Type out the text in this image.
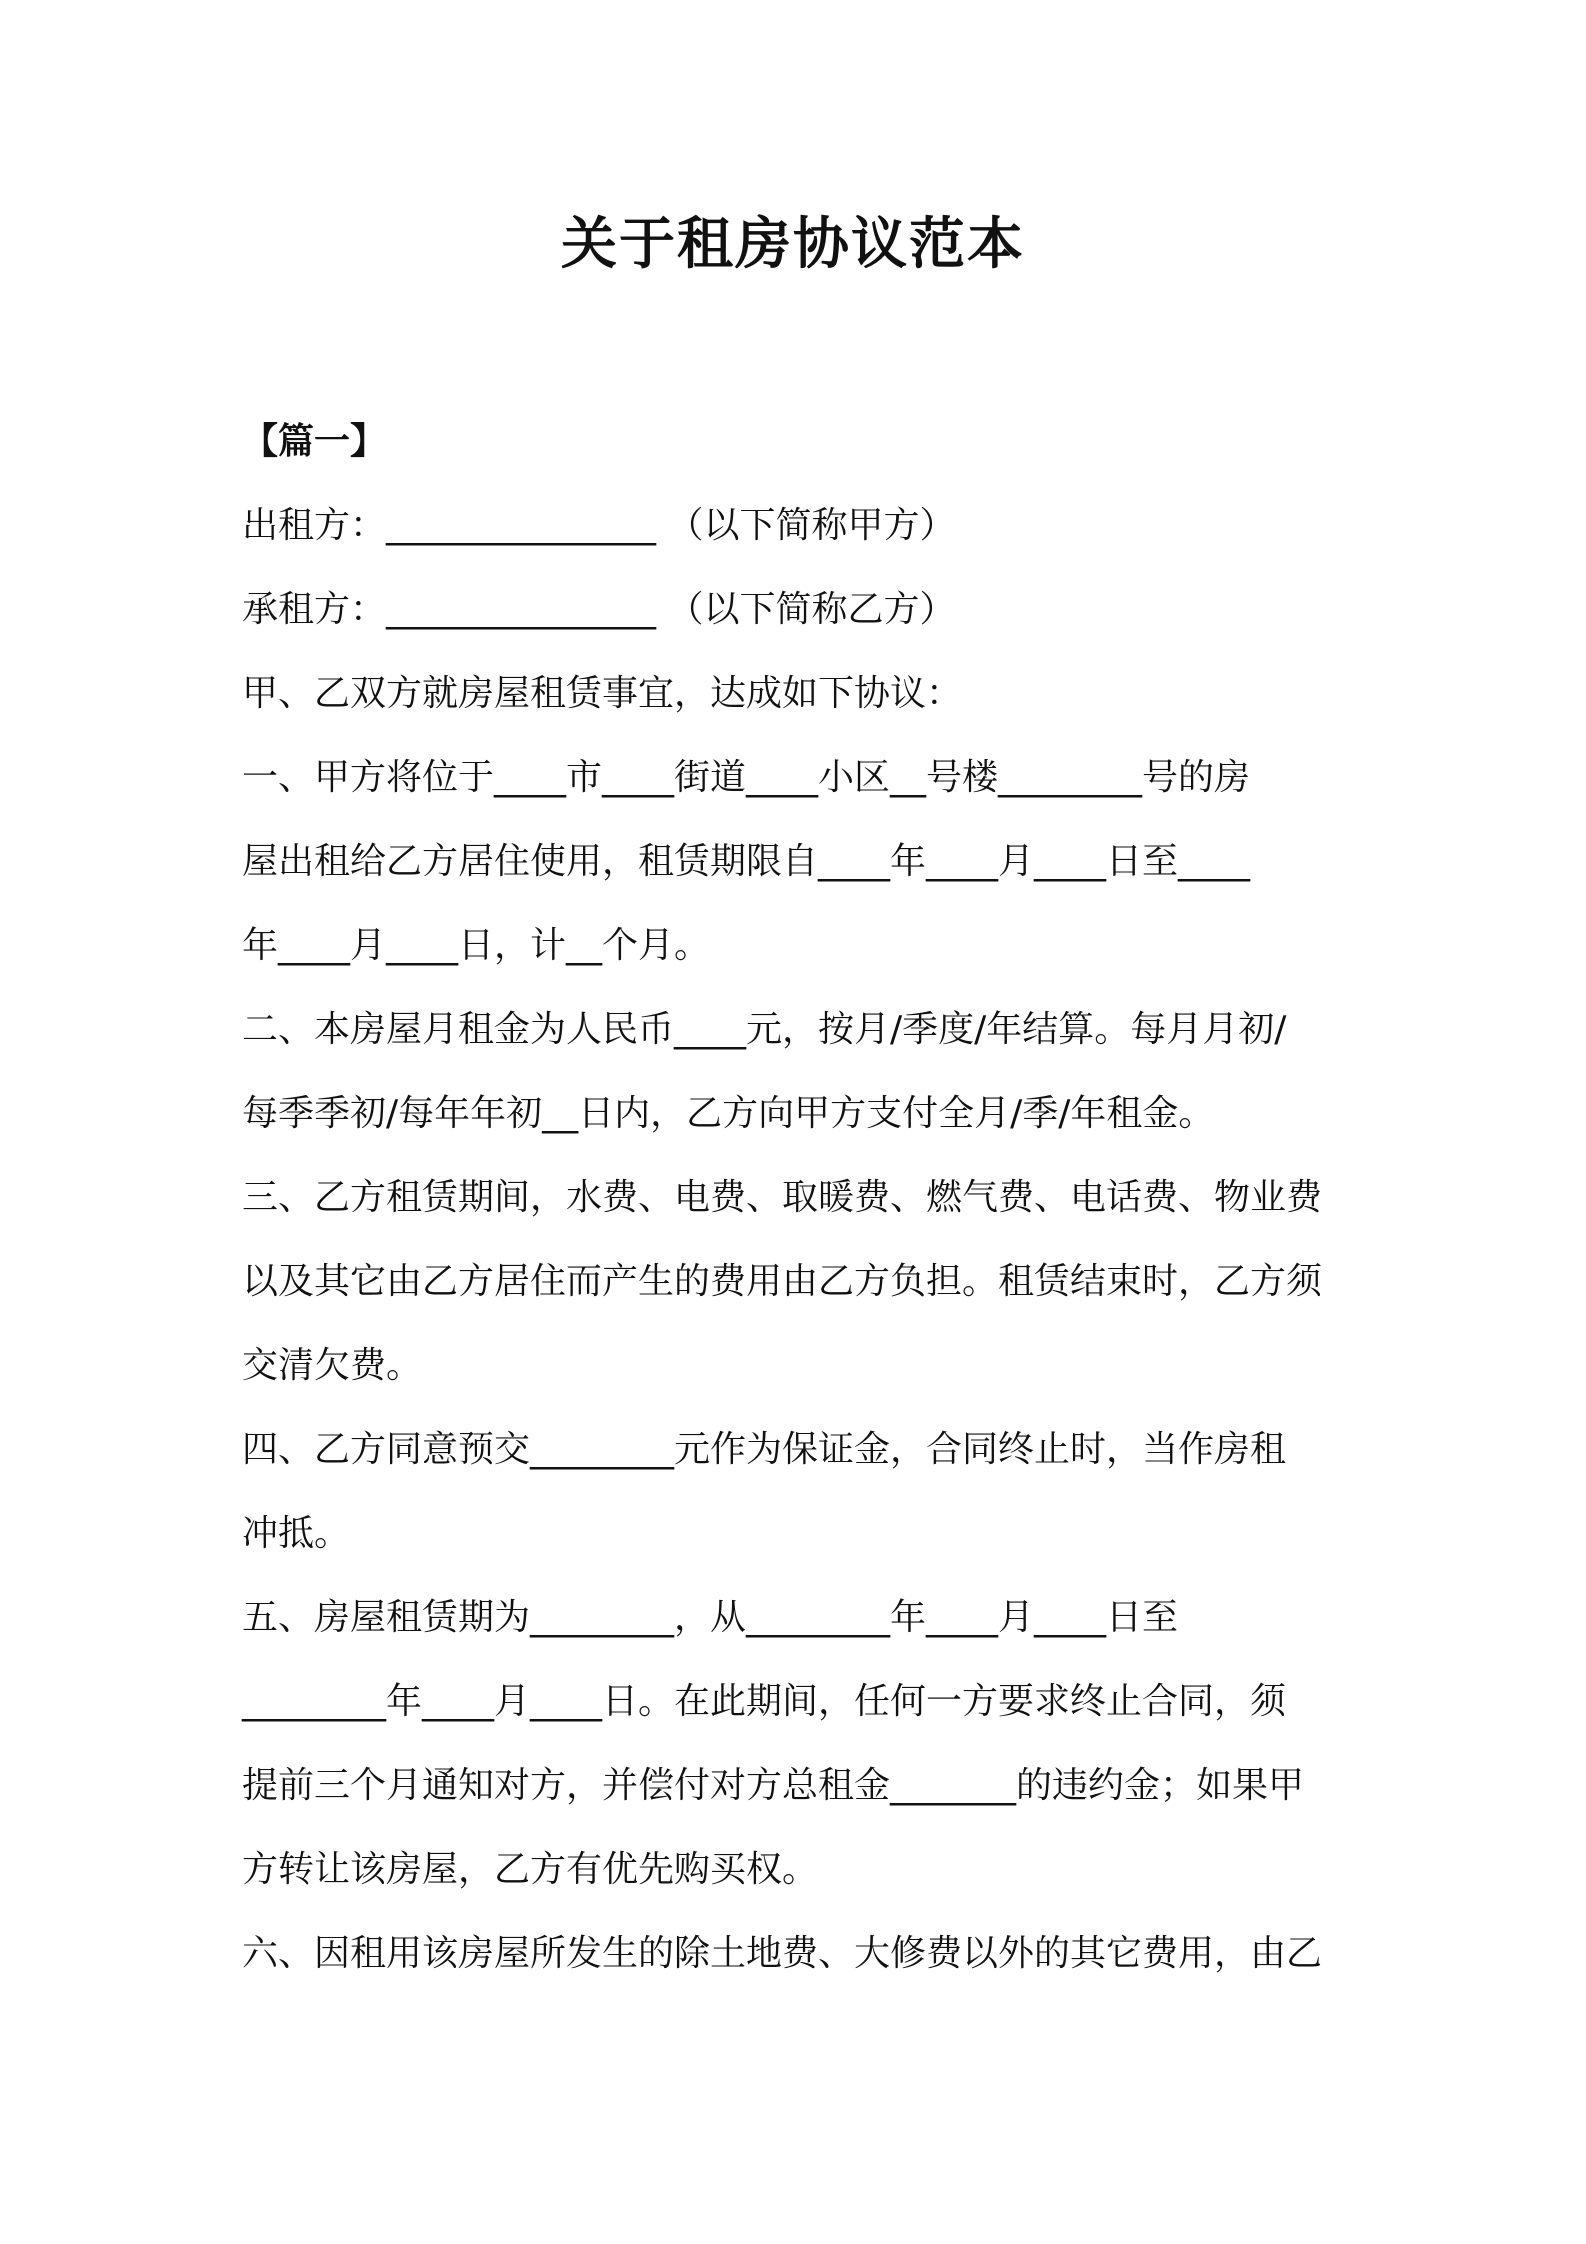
关于租房协议范本
【篇一】
出租方：_______________ （以下简称甲方）
承租方：_______________ （以下简称乙方）
甲、乙双方就房屋租赁事宜，达成如下协议：
一、甲方将位于____市____街道____小区__号楼________号的房
屋出租给乙方居住使用，租赁期限自____年____月____日至____
年____月____日，计__个月。
二、本房屋月租金为人民币____元，按月/季度/年结算。每月月初/
每季季初/每年年初__日内，乙方向甲方支付全月/季/年租金。
三、乙方租赁期间，水费、电费、取暖费、燃气费、电话费、物业费
以及其它由乙方居住而产生的费用由乙方负担。租赁结束时，乙方须
交清欠费。
四、乙方同意预交________元作为保证金，合同终止时，当作房租
冲抵。
五、房屋租赁期为________，从________年____月____日至
________年____月____日。在此期间，任何一方要求终止合同，须
提前三个月通知对方，并偿付对方总租金_______的违约金；如果甲
方转让该房屋，乙方有优先购买权。
六、因租用该房屋所发生的除土地费、大修费以外的其它费用，由乙
